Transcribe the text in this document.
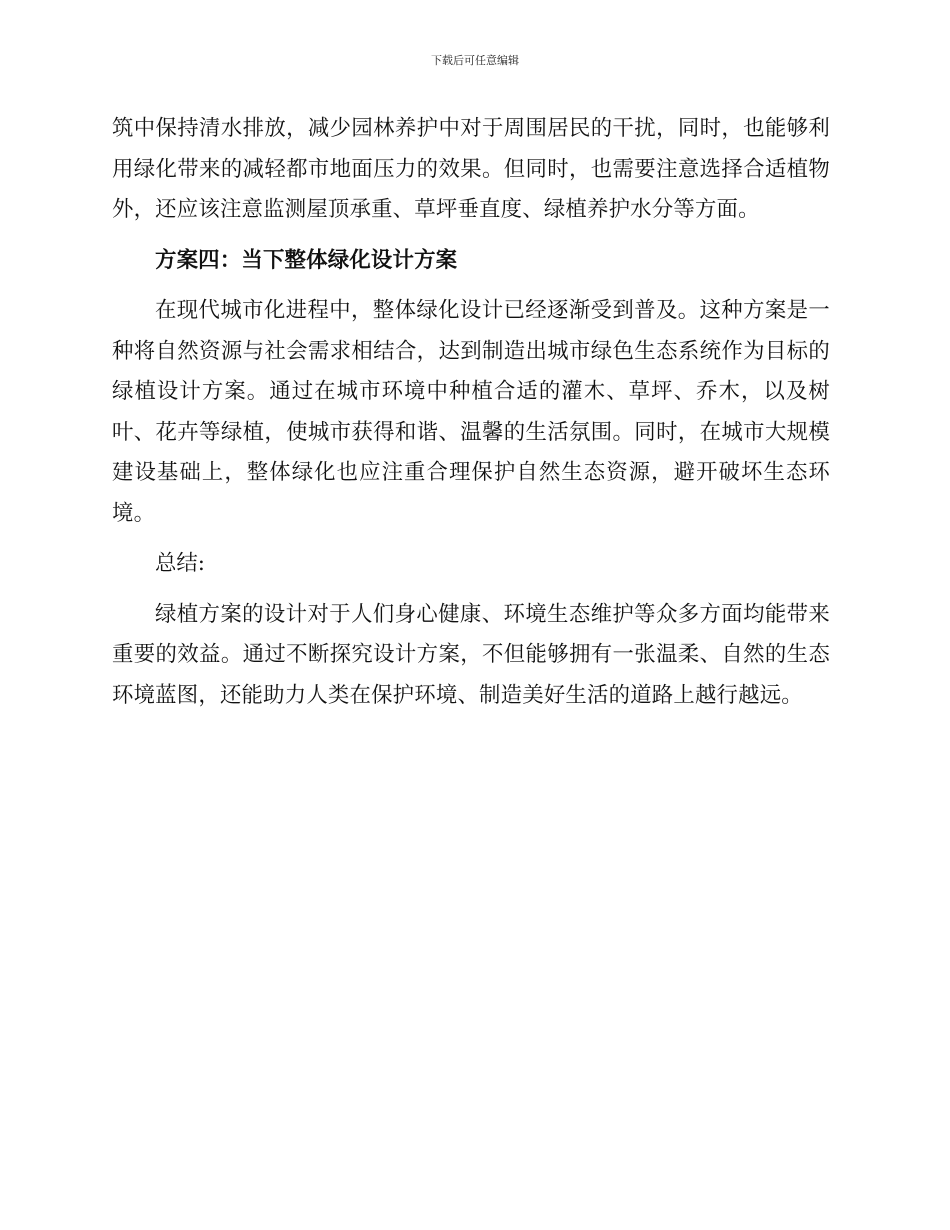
下载后可任意编辑

筑中保持清水排放，减少园林养护中对于周围居民的干扰，同时，也能够利用绿化带来的减轻都市地面压力的效果。但同时，也需要注意选择合适植物外，还应该注意监测屋顶承重、草坪垂直度、绿植养护水分等方面。

方案四：当下整体绿化设计方案

在现代城市化进程中，整体绿化设计已经逐渐受到普及。这种方案是一种将自然资源与社会需求相结合，达到制造出城市绿色生态系统作为目标的绿植设计方案。通过在城市环境中种植合适的灌木、草坪、乔木，以及树叶、花卉等绿植，使城市获得和谐、温馨的生活氛围。同时，在城市大规模建设基础上，整体绿化也应注重合理保护自然生态资源，避开破坏生态环境。

总结:

绿植方案的设计对于人们身心健康、环境生态维护等众多方面均能带来重要的效益。通过不断探究设计方案，不但能够拥有一张温柔、自然的生态环境蓝图，还能助力人类在保护环境、制造美好生活的道路上越行越远。
